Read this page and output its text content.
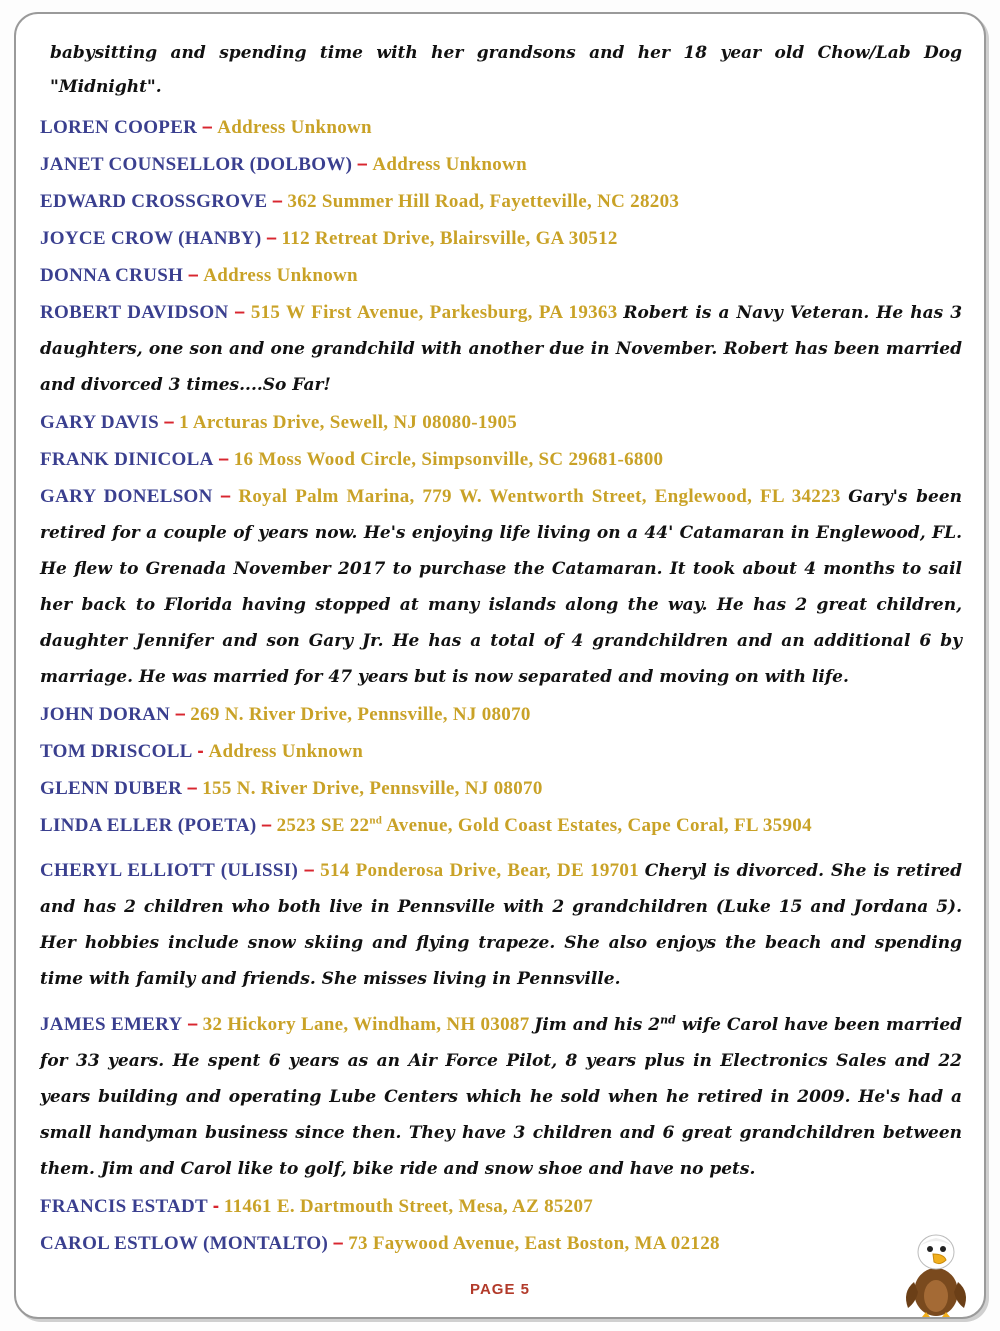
babysitting and spending time with her grandsons and her 18 year old Chow/Lab Dog "Midnight".
LOREN COOPER – Address Unknown
JANET COUNSELLOR (DOLBOW) – Address Unknown
EDWARD CROSSGROVE – 362 Summer Hill Road, Fayetteville, NC 28203
JOYCE CROW (HANBY) – 112 Retreat Drive, Blairsville, GA 30512
DONNA CRUSH – Address Unknown
ROBERT DAVIDSON – 515 W First Avenue, Parkesburg, PA 19363 Robert is a Navy Veteran. He has 3 daughters, one son and one grandchild with another due in November. Robert has been married and divorced 3 times....So Far!
GARY DAVIS – 1 Arcturas Drive, Sewell, NJ 08080-1905
FRANK DINICOLA – 16 Moss Wood Circle, Simpsonville, SC 29681-6800
GARY DONELSON – Royal Palm Marina, 779 W. Wentworth Street, Englewood, FL 34223 Gary's been retired for a couple of years now. He's enjoying life living on a 44' Catamaran in Englewood, FL. He flew to Grenada November 2017 to purchase the Catamaran. It took about 4 months to sail her back to Florida having stopped at many islands along the way. He has 2 great children, daughter Jennifer and son Gary Jr. He has a total of 4 grandchildren and an additional 6 by marriage. He was married for 47 years but is now separated and moving on with life.
JOHN DORAN – 269 N. River Drive, Pennsville, NJ 08070
TOM DRISCOLL - Address Unknown
GLENN DUBER – 155 N. River Drive, Pennsville, NJ 08070
LINDA ELLER (POETA) – 2523 SE 22nd Avenue, Gold Coast Estates, Cape Coral, FL 35904
CHERYL ELLIOTT (ULISSI) – 514 Ponderosa Drive, Bear, DE 19701 Cheryl is divorced. She is retired and has 2 children who both live in Pennsville with 2 grandchildren (Luke 15 and Jordana 5). Her hobbies include snow skiing and flying trapeze. She also enjoys the beach and spending time with family and friends. She misses living in Pennsville.
JAMES EMERY – 32 Hickory Lane, Windham, NH 03087 Jim and his 2nd wife Carol have been married for 33 years. He spent 6 years as an Air Force Pilot, 8 years plus in Electronics Sales and 22 years building and operating Lube Centers which he sold when he retired in 2009. He's had a small handyman business since then. They have 3 children and 6 great grandchildren between them. Jim and Carol like to golf, bike ride and snow shoe and have no pets.
FRANCIS ESTADT - 11461 E. Dartmouth Street, Mesa, AZ 85207
CAROL ESTLOW (MONTALTO) – 73 Faywood Avenue, East Boston, MA 02128
PAGE 5
